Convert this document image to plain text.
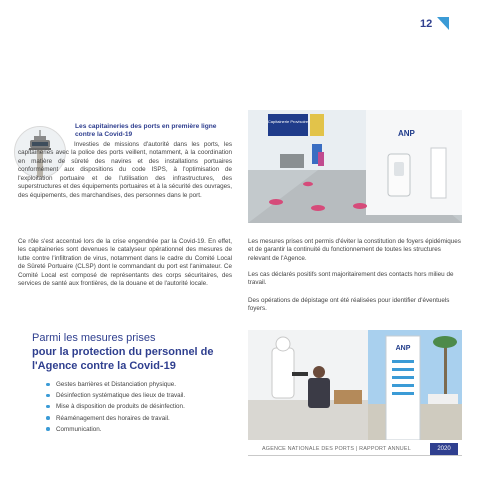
12
Les capitaineries des ports en première ligne contre la Covid-19

Investies de missions d'autorité dans les ports, les capitaineries avec la police des ports veillent, notamment, à la coordination en matière de sûreté des navires et des installations portuaires conformément aux dispositions du code ISPS, à l'optimisation de l'exploitation portuaire et de l'utilisation des infrastructures, des superstructures et des équipements portuaires et à la sécurité des ouvrages, des équipements, des marchandises, des personnes dans le port.

Ce rôle s'est accentué lors de la crise engendrée par la Covid-19. En effet, les capitaineries sont devenues le catalyseur opérationnel des mesures de lutte contre l'infiltration de virus, notamment dans le cadre du Comité Local de Sûreté Portuaire (CLSP) dont le commandant du port est l'animateur. Ce Comité Local est composé de représentants des corps sécuritaires, des services de santé aux frontières, de la douane et de l'autorité locale.

Capitainerie Provisoire
ANP

Les mesures prises ont permis d'éviter la constitution de foyers épidémiques et de garantir la continuité du fonctionnement de toutes les structures relevant de l'Agence.

Les cas déclarés positifs sont majoritairement des contacts hors milieu de travail.

Des opérations de dépistage ont été réalisées pour identifier d'éventuels foyers.

Parmi les mesures prises
pour la protection du personnel de l'Agence contre la Covid-19
Gestes barrières et Distanciation physique.
Désinfection systématique des lieux de travail.
Mise à disposition de produits de désinfection.
Réaménagement des horaires de travail.
Communication.
ANP
AGENCE NATIONALE DES PORTS | RAPPORT ANNUEL	2020
